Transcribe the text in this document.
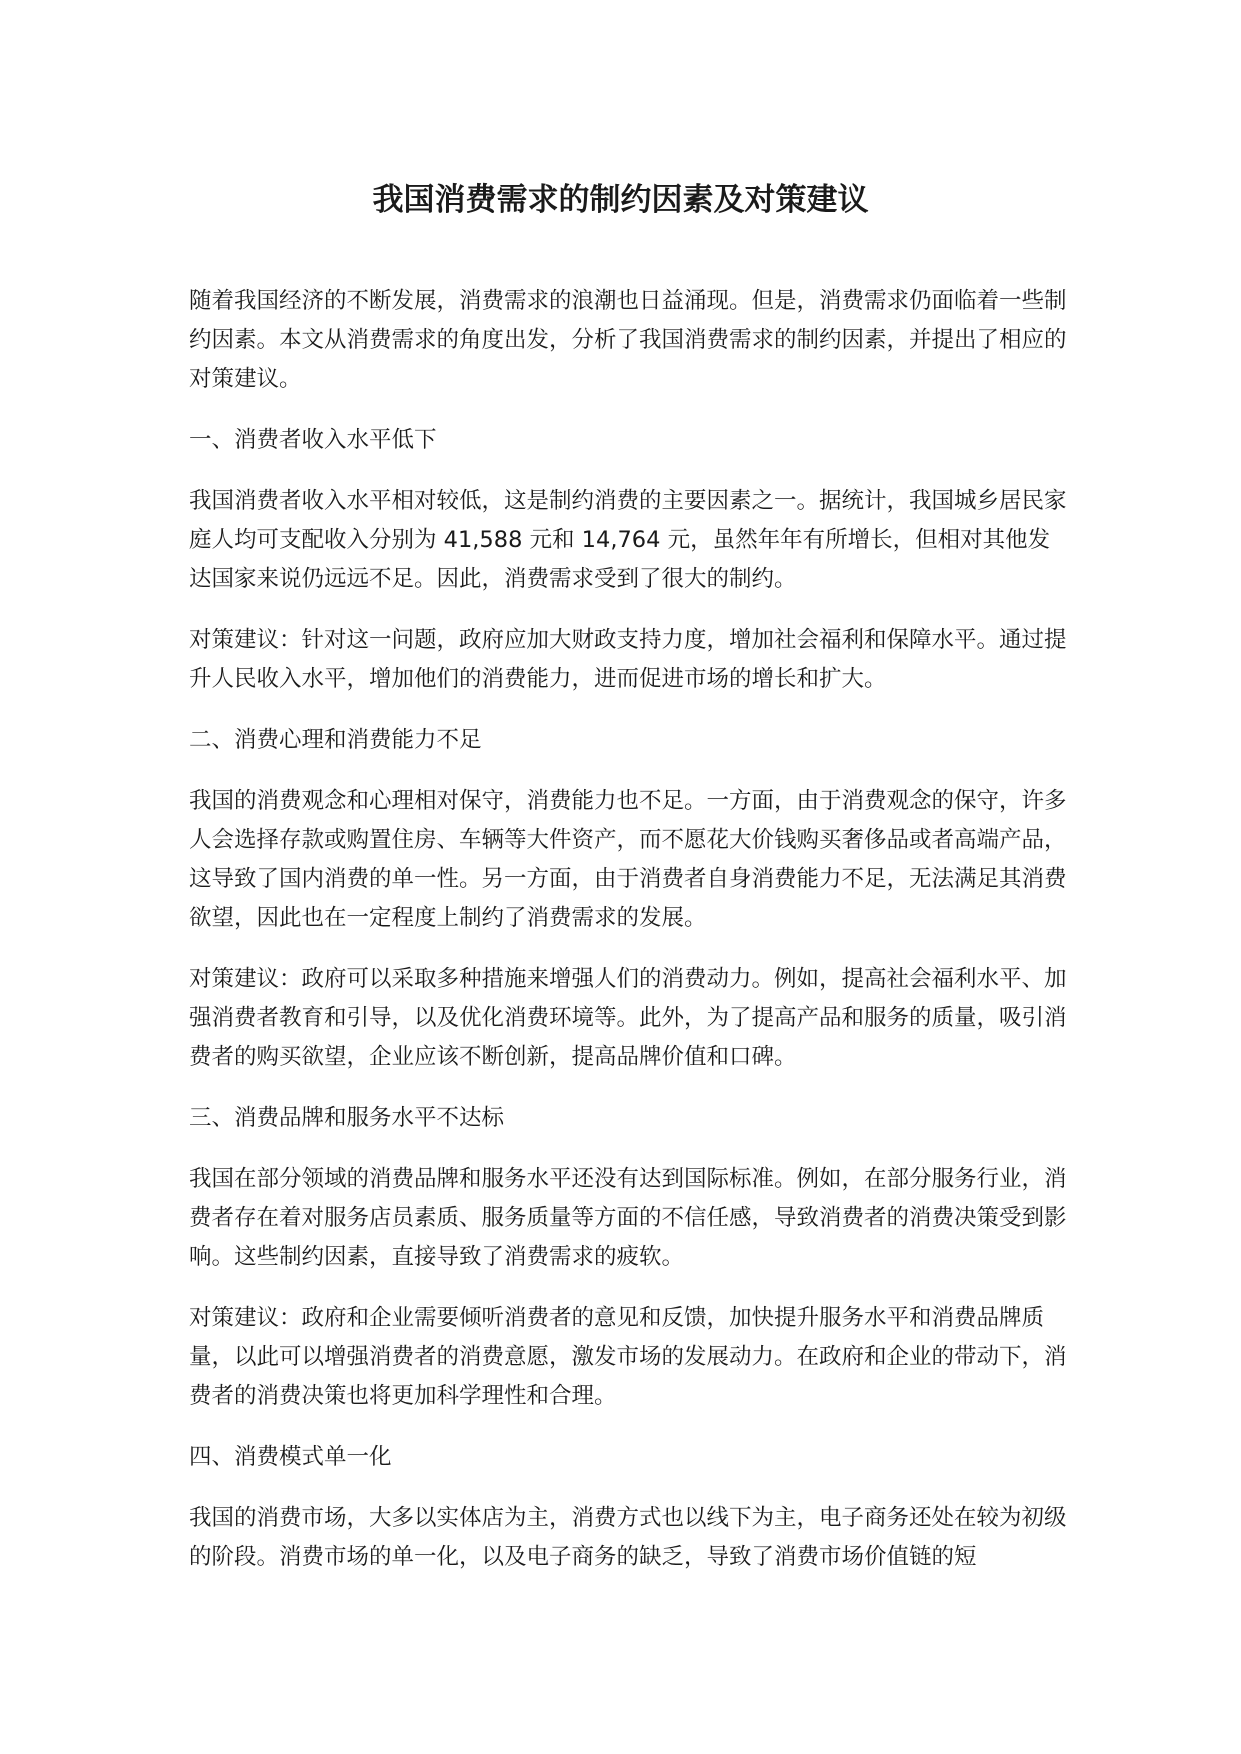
我国消费需求的制约因素及对策建议

随着我国经济的不断发展，消费需求的浪潮也日益涌现。但是，消费需求仍面临着一些制约因素。本文从消费需求的角度出发，分析了我国消费需求的制约因素，并提出了相应的对策建议。

一、消费者收入水平低下

我国消费者收入水平相对较低，这是制约消费的主要因素之一。据统计，我国城乡居民家庭人均可支配收入分别为 41,588 元和 14,764 元，虽然年年有所增长，但相对其他发达国家来说仍远远不足。因此，消费需求受到了很大的制约。

对策建议：针对这一问题，政府应加大财政支持力度，增加社会福利和保障水平。通过提升人民收入水平，增加他们的消费能力，进而促进市场的增长和扩大。

二、消费心理和消费能力不足

我国的消费观念和心理相对保守，消费能力也不足。一方面，由于消费观念的保守，许多人会选择存款或购置住房、车辆等大件资产，而不愿花大价钱购买奢侈品或者高端产品，这导致了国内消费的单一性。另一方面，由于消费者自身消费能力不足，无法满足其消费欲望，因此也在一定程度上制约了消费需求的发展。

对策建议：政府可以采取多种措施来增强人们的消费动力。例如，提高社会福利水平、加强消费者教育和引导，以及优化消费环境等。此外，为了提高产品和服务的质量，吸引消费者的购买欲望，企业应该不断创新，提高品牌价值和口碑。

三、消费品牌和服务水平不达标

我国在部分领域的消费品牌和服务水平还没有达到国际标准。例如，在部分服务行业，消费者存在着对服务店员素质、服务质量等方面的不信任感，导致消费者的消费决策受到影响。这些制约因素，直接导致了消费需求的疲软。

对策建议：政府和企业需要倾听消费者的意见和反馈，加快提升服务水平和消费品牌质量，以此可以增强消费者的消费意愿，激发市场的发展动力。在政府和企业的带动下，消费者的消费决策也将更加科学理性和合理。

四、消费模式单一化

我国的消费市场，大多以实体店为主，消费方式也以线下为主，电子商务还处在较为初级的阶段。消费市场的单一化，以及电子商务的缺乏，导致了消费市场价值链的短
